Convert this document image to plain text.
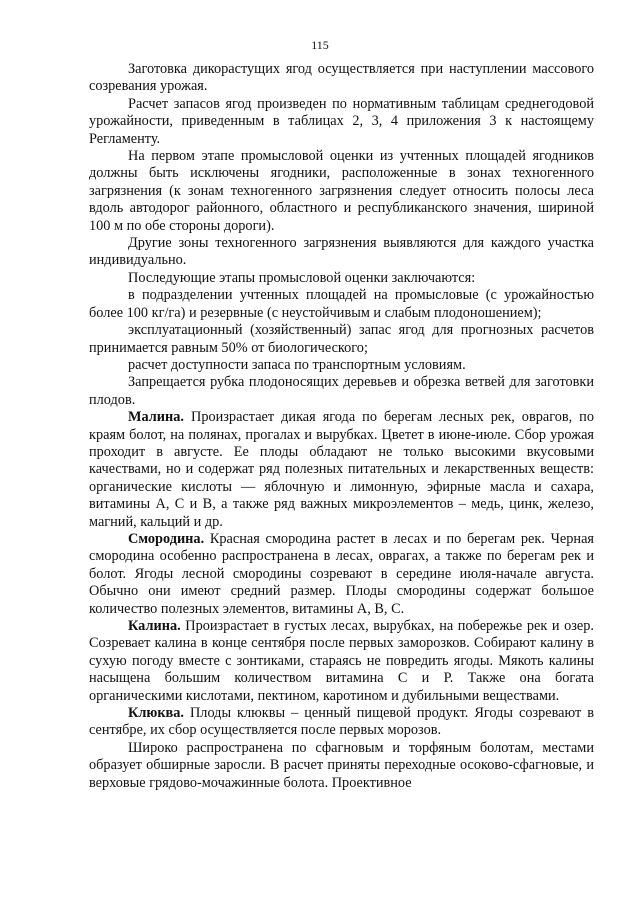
115

Заготовка дикорастущих ягод осуществляется при наступлении массового созревания урожая.

Расчет запасов ягод произведен по нормативным таблицам среднегодовой урожайности, приведенным в таблицах 2, 3, 4 приложения 3 к настоящему Регламенту.

На первом этапе промысловой оценки из учтенных площадей ягодников должны быть исключены ягодники, расположенные в зонах техногенного загрязнения (к зонам техногенного загрязнения следует относить полосы леса вдоль автодорог районного, областного и республиканского значения, шириной 100 м по обе стороны дороги).

Другие зоны техногенного загрязнения выявляются для каждого участка индивидуально.

Последующие этапы промысловой оценки заключаются:

в подразделении учтенных площадей на промысловые (с урожайностью более 100 кг/га) и резервные (с неустойчивым и слабым плодоношением);

эксплуатационный (хозяйственный) запас ягод для прогнозных расчетов принимается равным 50% от биологического;

расчет доступности запаса по транспортным условиям.

Запрещается рубка плодоносящих деревьев и обрезка ветвей для заготовки плодов.

Малина. Произрастает дикая ягода по берегам лесных рек, оврагов, по краям болот, на полянах, прогалах и вырубках. Цветет в июне-июле. Сбор урожая проходит в августе. Ее плоды обладают не только высокими вкусовыми качествами, но и содержат ряд полезных питательных и лекарственных веществ: органические кислоты — яблочную и лимонную, эфирные масла и сахара, витамины А, С и В, а также ряд важных микроэлементов – медь, цинк, железо, магний, кальций и др.

Смородина. Красная смородина растет в лесах и по берегам рек. Черная смородина особенно распространена в лесах, оврагах, а также по берегам рек и болот. Ягоды лесной смородины созревают в середине июля-начале августа. Обычно они имеют средний размер. Плоды смородины содержат большое количество полезных элементов, витамины А, В, С.

Калина. Произрастает в густых лесах, вырубках, на побережье рек и озер. Созревает калина в конце сентября после первых заморозков. Собирают калину в сухую погоду вместе с зонтиками, стараясь не повредить ягоды. Мякоть калины насыщена большим количеством витамина С и Р. Также она богата органическими кислотами, пектином, каротином и дубильными веществами.

Клюква. Плоды клюквы – ценный пищевой продукт. Ягоды созревают в сентябре, их сбор осуществляется после первых морозов.

Широко распространена по сфагновым и торфяным болотам, местами образует обширные заросли. В расчет приняты переходные осоково-сфагновые, и верховые грядово-мочажинные болота. Проективное
